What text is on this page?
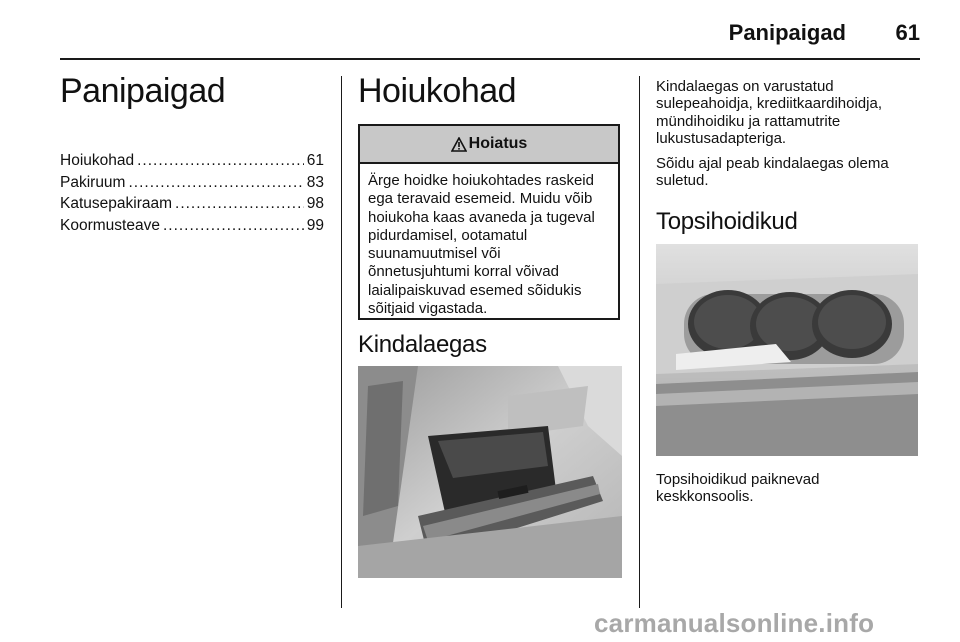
Panipaigad	61
Panipaigad
Hoiukohad .....	61
Pakiruum .....	83
Katusepakiraam .....	98
Koormusteave .....	99
Hoiukohad
Hoiatus
Ärge hoidke hoiukohtades raskeid
ega teravaid esemeid. Muidu võib
hoiukoha kaas avaneda ja tugeval
pidurdamisel, ootamatul
suunamuutmisel või
õnnetusjuhtumi korral võivad
laialipaiskuvad esemed sõidukis
sõitjaid vigastada.
Kindalaegas

Kindalaegas on varustatud
sulepeahoidja, krediitkaardihoidja,
mündihoidiku ja rattamutrite
lukustusadapteriga.

Sõidu ajal peab kindalaegas olema
suletud.

Topsihoidikud
Topsihoidikud paiknevad
keskkonsoolis.
carmanualsonline.info
